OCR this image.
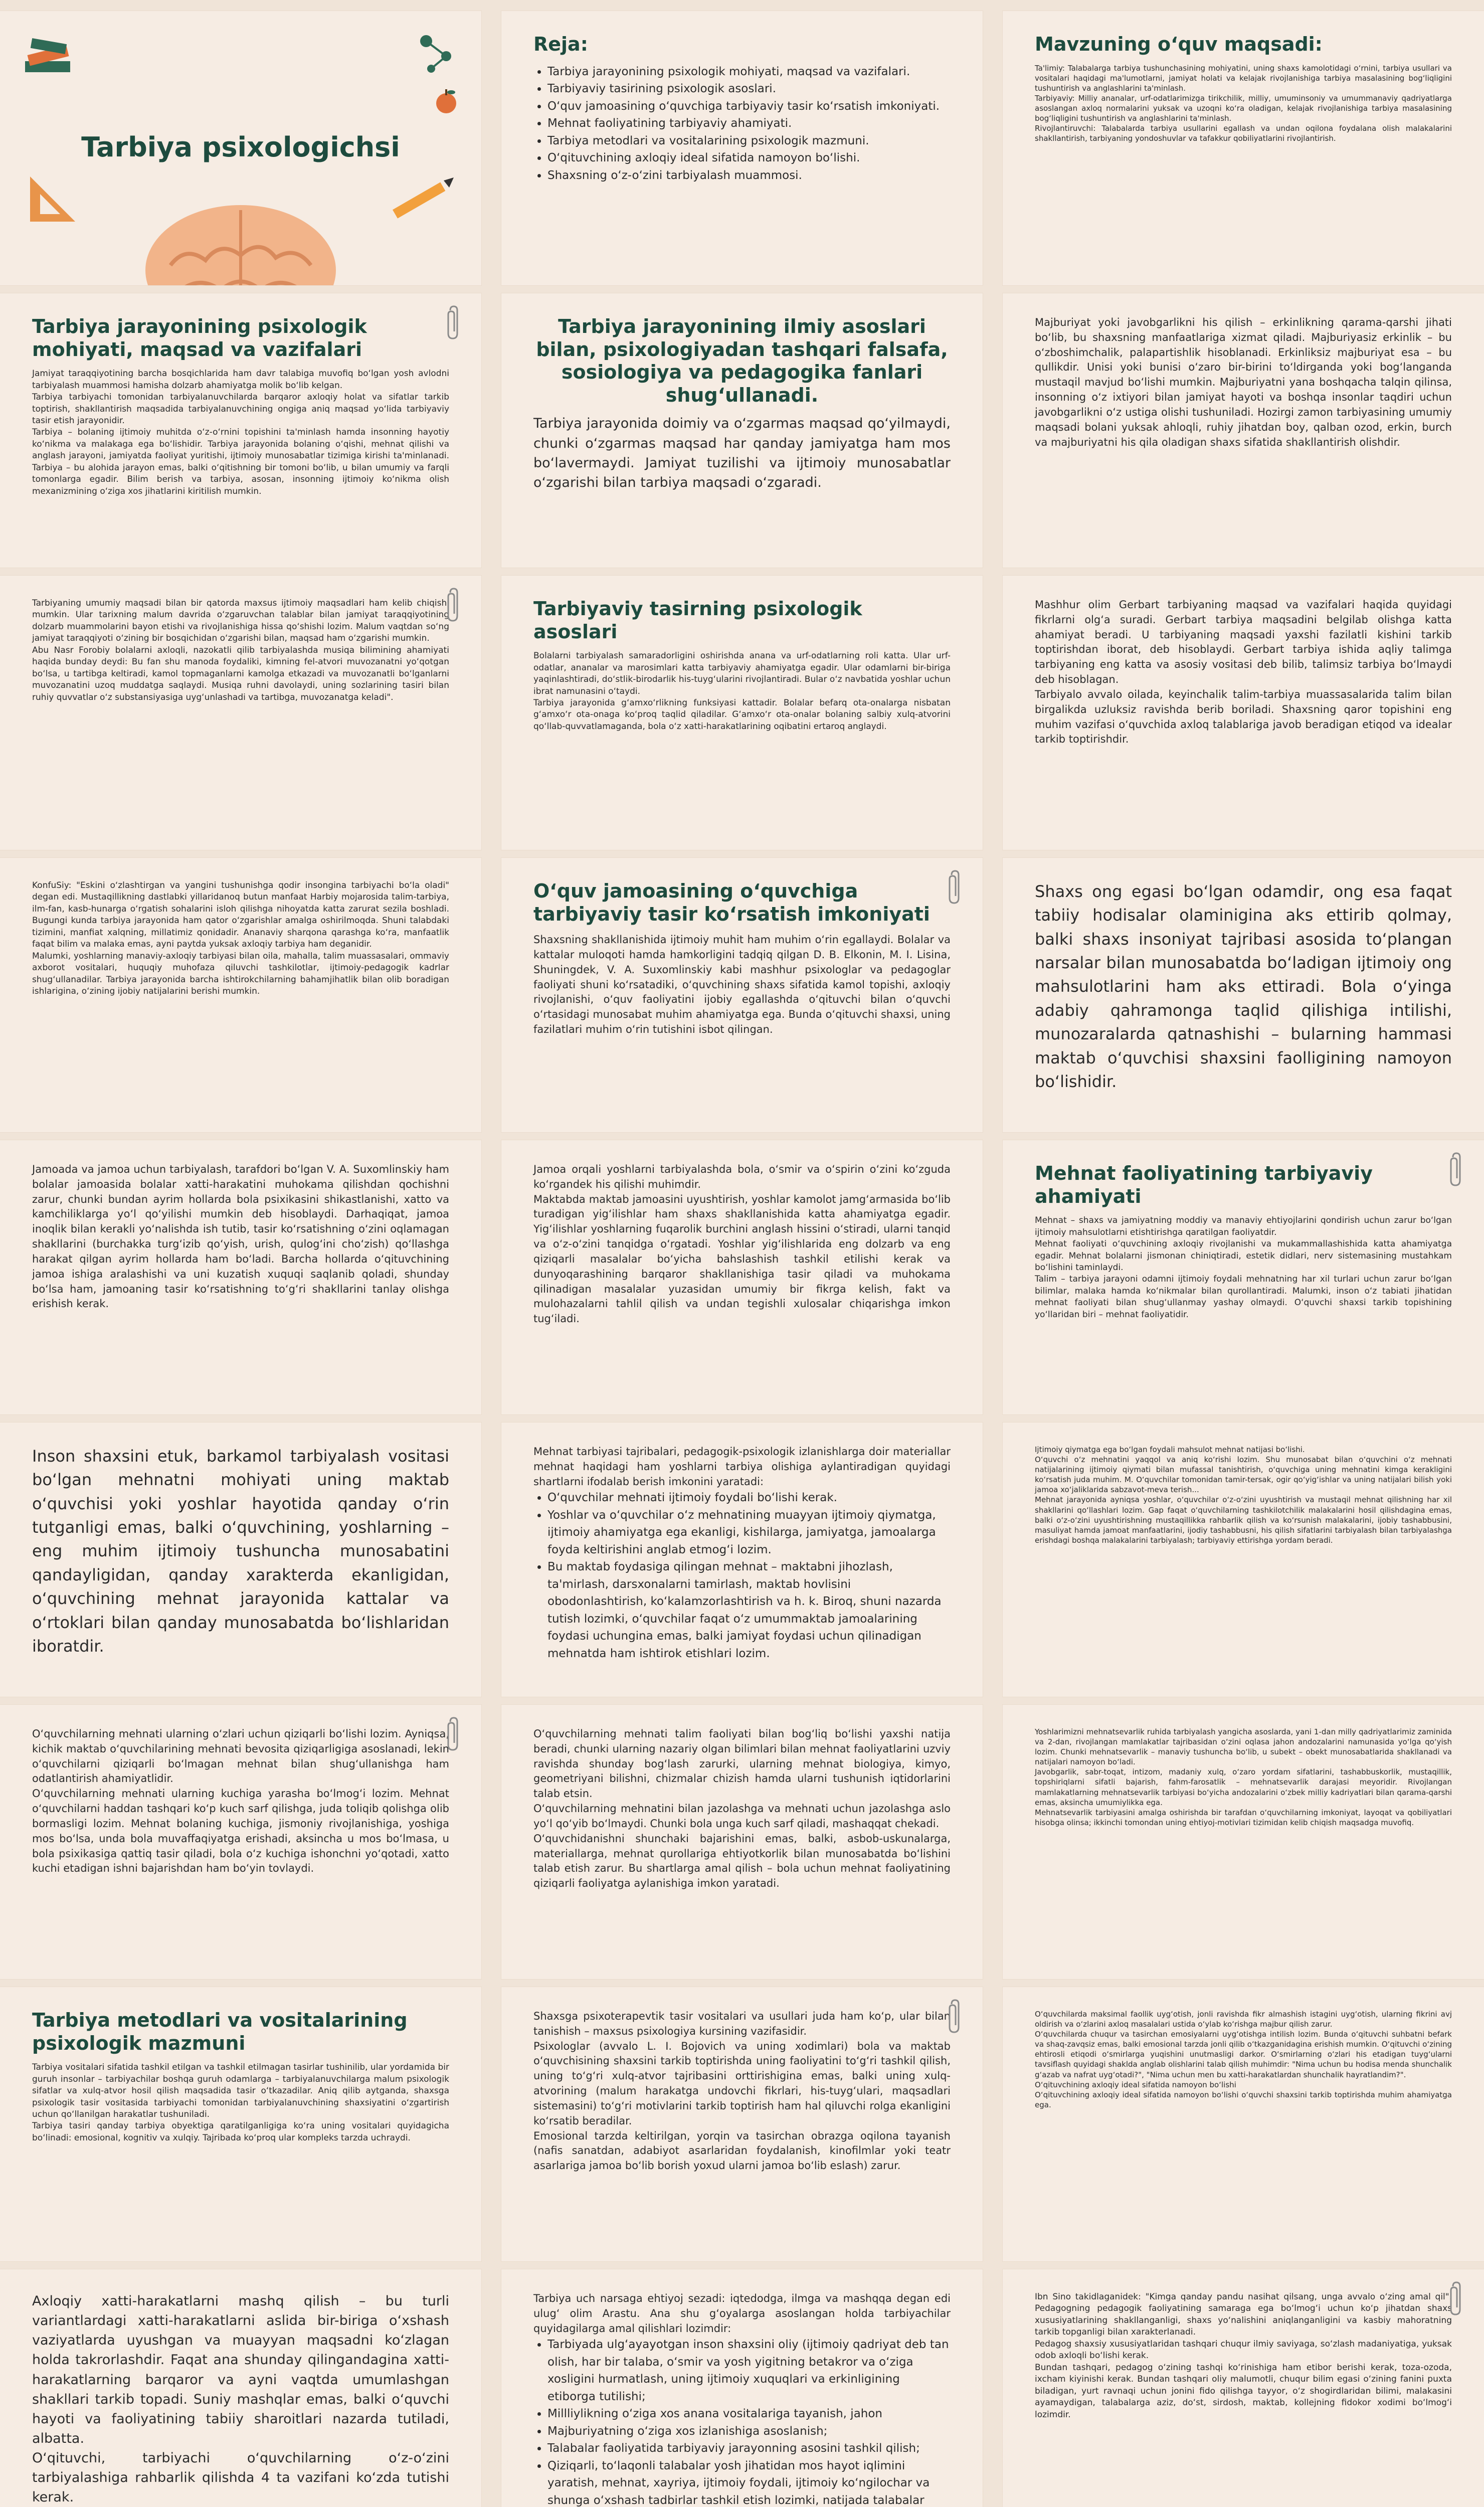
Tarbiya psixologichsi
Reja:
• Tarbiya jarayonining psixologik mohiyati, maqsad va vazifalari.
• Tarbiyaviy tasirining psixologik asoslari.
• O‘quv jamoasining o‘quvchiga tarbiyaviy tasir ko‘rsatish imkoniyati.
• Mehnat faoliyatining tarbiyaviy ahamiyati.
• Tarbiya metodlari va vositalarining psixologik mazmuni.
• O‘qituvchining axloqiy ideal sifatida namoyon bo‘lishi.
• Shaxsning o‘z-o‘zini tarbiyalash muammosi.
Mavzuning o‘quv maqsadi:
Ta'limiy: Talabalarga tarbiya tushunchasining mohiyatini, uning shaxs kamolotidagi o‘rnini, tarbiya usullari va vositalari haqidagi ma'lumotlarni, jamiyat holati va kelajak rivojlanishiga tarbiya masalasining bog‘liqligini tushuntirish va anglashlarini ta'minlash.
Tarbiyaviy: Milliy ananalar, urf-odatlarimizga tirikchilik, milliy, umuminsoniy va umummanaviy qadriyatlarga asoslangan axloq normalarini yuksak va uzoqni ko‘ra oladigan, kelajak rivojlanishiga tarbiya masalasining bog‘liqligini tushuntirish va anglashlarini ta'minlash.
Rivojlantiruvchi: Talabalarda tarbiya usullarini egallash va undan oqilona foydalana olish malakalarini shakllantirish, tarbiyaning yondoshuvlar va tafakkur qobiliyatlarini rivojlantirish.
Tarbiya jarayonining psixologik mohiyati, maqsad va vazifalari
Jamiyat taraqqiyotining barcha bosqichlarida ham davr talabiga muvofiq bo‘lgan yosh avlodni tarbiyalash muammosi hamisha dolzarb ahamiyatga molik bo‘lib kelgan.
Tarbiya tarbiyachi tomonidan tarbiyalanuvchilarda barqaror axloqiy holat va sifatlar tarkib toptirish, shakllantirish maqsadida tarbiyalanuvchining ongiga aniq maqsad yo‘lida tarbiyaviy tasir etish jarayonidir.
Tarbiya – bolaning ijtimoiy muhitda o‘z-o‘rnini topishini ta'minlash hamda insonning hayotiy ko‘nikma va malakaga ega bo‘lishidir. Tarbiya jarayonida bolaning o‘qishi, mehnat qilishi va anglash jarayoni, jamiyatda faoliyat yuritishi, ijtimoiy munosabatlar tizimiga kirishi ta'minlanadi. Tarbiya – bu alohida jarayon emas, balki o‘qitishning bir tomoni bo‘lib, u bilan umumiy va farqli tomonlarga egadir. Bilim berish va tarbiya, asosan, insonning ijtimoiy ko‘nikma olish mexanizmining o‘ziga xos jihatlarini kiritilish mumkin.
Tarbiya jarayonining ilmiy asoslari bilan, psixologiyadan tashqari falsafa, sosiologiya va pedagogika fanlari shug‘ullanadi.
Tarbiya jarayonida doimiy va o‘zgarmas maqsad qo‘yilmaydi, chunki o‘zgarmas maqsad har qanday jamiyatga ham mos bo‘lavermaydi. Jamiyat tuzilishi va ijtimoiy munosabatlar o‘zgarishi bilan tarbiya maqsadi o‘zgaradi.
Majburiyat yoki javobgarlikni his qilish – erkinlikning qarama-qarshi jihati bo‘lib, bu shaxsning manfaatlariga xizmat qiladi. Majburiyasiz erkinlik – bu o‘zboshimchalik, palapartishlik hisoblanadi. Erkinliksiz majburiyat esa – bu qullikdir. Unisi yoki bunisi o‘zaro bir-birini to‘ldirganda yoki bog‘langanda mustaqil mavjud bo‘lishi mumkin. Majburiyatni yana boshqacha talqin qilinsa, insonning o‘z ixtiyori bilan jamiyat hayoti va boshqa insonlar taqdiri uchun javobgarlikni o‘z ustiga olishi tushuniladi. Hozirgi zamon tarbiyasining umumiy maqsadi bolani yuksak ahloqli, ruhiy jihatdan boy, qalban ozod, erkin, burch va majburiyatni his qila oladigan shaxs sifatida shakllantirish olishdir.
Tarbiyaning umumiy maqsadi bilan bir qatorda maxsus ijtimoiy maqsadlari ham kelib chiqishi mumkin. Ular tarixning malum davrida o‘zgaruvchan talablar bilan jamiyat taraqqiyotining dolzarb muammolarini bayon etishi va rivojlanishiga hissa qo‘shishi lozim. Malum vaqtdan so‘ng jamiyat taraqqiyoti o‘zining bir bosqichidan o‘zgarishi bilan, maqsad ham o‘zgarishi mumkin.
Abu Nasr Forobiy bolalarni axloqli, nazokatli qilib tarbiyalashda musiqa bilimining ahamiyati haqida bunday deydi: Bu fan shu manoda foydaliki, kimning fel-atvori muvozanatni yo‘qotgan bo‘lsa, u tartibga keltiradi, kamol topmaganlarni kamolga etkazadi va muvozanatli bo‘lganlarni muvozanatini uzoq muddatga saqlaydi. Musiqa ruhni davolaydi, uning sozlarining tasiri bilan ruhiy quvvatlar o‘z substansiyasiga uyg‘unlashadi va tartibga, muvozanatga keladi".
Tarbiyaviy tasirning psixologik asoslari
Bolalarni tarbiyalash samaradorligini oshirishda anana va urf-odatlarning roli katta. Ular urf-odatlar, ananalar va marosimlari katta tarbiyaviy ahamiyatga egadir. Ular odamlarni bir-biriga yaqinlashtiradi, do‘stlik-birodarlik his-tuyg‘ularini rivojlantiradi. Bular o‘z navbatida yoshlar uchun ibrat namunasini o‘taydi.
Tarbiya jarayonida g‘amxo‘rlikning funksiyasi kattadir. Bolalar befarq ota-onalarga nisbatan g‘amxo‘r ota-onaga ko‘proq taqlid qiladilar. G‘amxo‘r ota-onalar bolaning salbiy xulq-atvorini qo‘llab-quvvatlamaganda, bola o‘z xatti-harakatlarining oqibatini ertaroq anglaydi.
Mashhur olim Gerbart tarbiyaning maqsad va vazifalari haqida quyidagi fikrlarni olg‘a suradi. Gerbart tarbiya maqsadini belgilab olishga katta ahamiyat beradi. U tarbiyaning maqsadi yaxshi fazilatli kishini tarkib toptirishdan iborat, deb hisoblaydi. Gerbart tarbiya ishida aqliy talimga tarbiyaning eng katta va asosiy vositasi deb bilib, talimsiz tarbiya bo‘lmaydi deb hisoblagan.
Tarbiyalo avvalo oilada, keyinchalik talim-tarbiya muassasalarida talim bilan birgalikda uzluksiz ravishda berib boriladi. Shaxsning qaror topishini eng muhim vazifasi o‘quvchida axloq talablariga javob beradigan etiqod va idealar tarkib toptirishdir.
KonfuSiy: "Eskini o‘zlashtirgan va yangini tushunishga qodir insongina tarbiyachi bo‘la oladi" degan edi. Mustaqillikning dastlabki yillaridanoq butun manfaat Harbiy mojarosida talim-tarbiya, ilm-fan, kasb-hunarga o‘rgatish sohalarini isloh qilishga nihoyatda katta zarurat sezila boshladi. Bugungi kunda tarbiya jarayonida ham qator o‘zgarishlar amalga oshirilmoqda. Shuni talabdaki tizimini, manfiat xalqning, millatimiz qonidadir. Ananaviy sharqona qarashga ko‘ra, manfaatlik faqat bilim va malaka emas, ayni paytda yuksak axloqiy tarbiya ham deganidir.
Malumki, yoshlarning manaviy-axloqiy tarbiyasi bilan oila, mahalla, talim muassasalari, ommaviy axborot vositalari, huquqiy muhofaza qiluvchi tashkilotlar, ijtimoiy-pedagogik kadrlar shug‘ullanadilar. Tarbiya jarayonida barcha ishtirokchilarning bahamjihatlik bilan olib boradigan ishlarigina, o‘zining ijobiy natijalarini berishi mumkin.
O‘quv jamoasining o‘quvchiga tarbiyaviy tasir ko‘rsatish imkoniyati
Shaxsning shakllanishida ijtimoiy muhit ham muhim o‘rin egallaydi. Bolalar va kattalar muloqoti hamda hamkorligini tadqiq qilgan D. B. Elkonin, M. I. Lisina, Shuningdek, V. A. Suxomlinskiy kabi mashhur psixologlar va pedagoglar faoliyati shuni ko‘rsatadiki, o‘quvchining shaxs sifatida kamol topishi, axloqiy rivojlanishi, o‘quv faoliyatini ijobiy egallashda o‘qituvchi bilan o‘quvchi o‘rtasidagi munosabat muhim ahamiyatga ega. Bunda o‘qituvchi shaxsi, uning fazilatlari muhim o‘rin tutishini isbot qilingan.
Shaxs ong egasi bo‘lgan odamdir, ong esa faqat tabiiy hodisalar olaminigina aks ettirib qolmay, balki shaxs insoniyat tajribasi asosida to‘plangan narsalar bilan munosabatda bo‘ladigan ijtimoiy ong mahsulotlarini ham aks ettiradi. Bola o‘yinga adabiy qahramonga taqlid qilishiga intilishi, munozaralarda qatnashishi – bularning hammasi maktab o‘quvchisi shaxsini faolligining namoyon bo‘lishidir.
Jamoada va jamoa uchun tarbiyalash, tarafdori bo‘lgan V. A. Suxomlinskiy ham bolalar jamoasida bolalar xatti-harakatini muhokama qilishdan qochishni zarur, chunki bundan ayrim hollarda bola psixikasini shikastlanishi, xatto va kamchiliklarga yo‘l qo‘yilishi mumkin deb hisoblaydi. Darhaqiqat, jamoa inoqlik bilan kerakli yo‘nalishda ish tutib, tasir ko‘rsatishning o‘zini oqlamagan shakllarini (burchakka turg‘izib qo‘yish, urish, qulog‘ini cho‘zish) qo‘llashga harakat qilgan ayrim hollarda ham bo‘ladi. Barcha hollarda o‘qituvchining jamoa ishiga aralashishi va uni kuzatish xuquqi saqlanib qoladi, shunday bo‘lsa ham, jamoaning tasir ko‘rsatishning to‘g‘ri shakllarini tanlay olishga erishish kerak.
Jamoa orqali yoshlarni tarbiyalashda bola, o‘smir va o‘spirin o‘zini ko‘zguda ko‘rgandek his qilishi muhimdir.
Maktabda maktab jamoasini uyushtirish, yoshlar kamolot jamg‘armasida bo‘lib turadigan yig‘ilishlar ham shaxs shakllanishida katta ahamiyatga egadir. Yig‘ilishlar yoshlarning fuqarolik burchini anglash hissini o‘stiradi, ularni tanqid va o‘z-o‘zini tanqidga o‘rgatadi. Yoshlar yig‘ilishlarida eng dolzarb va eng qiziqarli masalalar bo‘yicha bahslashish tashkil etilishi kerak va dunyoqarashining barqaror shakllanishiga tasir qiladi va muhokama qilinadigan masalalar yuzasidan umumiy bir fikrga kelish, fakt va mulohazalarni tahlil qilish va undan tegishli xulosalar chiqarishga imkon tug‘iladi.
Mehnat faoliyatining tarbiyaviy ahamiyati
Mehnat – shaxs va jamiyatning moddiy va manaviy ehtiyojlarini qondirish uchun zarur bo‘lgan ijtimoiy mahsulotlarni etishtirishga qaratilgan faoliyatdir.
Mehnat faoliyati o‘quvchining axloqiy rivojlanishi va mukammallashishida katta ahamiyatga egadir. Mehnat bolalarni jismonan chiniqtiradi, estetik didlari, nerv sistemasining mustahkam bo‘lishini taminlaydi.
Talim – tarbiya jarayoni odamni ijtimoiy foydali mehnatning har xil turlari uchun zarur bo‘lgan bilimlar, malaka hamda ko‘nikmalar bilan qurollantiradi. Malumki, inson o‘z tabiati jihatidan mehnat faoliyati bilan shug‘ullanmay yashay olmaydi. O‘quvchi shaxsi tarkib topishining yo‘llaridan biri – mehnat faoliyatidir.
Inson shaxsini etuk, barkamol tarbiyalash vositasi bo‘lgan mehnatni mohiyati uning maktab o‘quvchisi yoki yoshlar hayotida qanday o‘rin tutganligi emas, balki o‘quvchining, yoshlarning – eng muhim ijtimoiy tushuncha munosabatini qandayligidan, qanday xarakterda ekanligidan, o‘quvchining mehnat jarayonida kattalar va o‘rtoklari bilan qanday munosabatda bo‘lishlaridan iboratdir.
Mehnat tarbiyasi tajribalari, pedagogik-psixologik izlanishlarga doir materiallar mehnat haqidagi ham yoshlarni tarbiya olishiga aylantiradigan quyidagi shartlarni ifodalab berish imkonini yaratadi:
• O‘quvchilar mehnati ijtimoiy foydali bo‘lishi kerak.
• Yoshlar va o‘quvchilar o‘z mehnatining muayyan ijtimoiy qiymatga, ijtimoiy ahamiyatga ega ekanligi, kishilarga, jamiyatga, jamoalarga foyda keltirishini anglab etmog‘i lozim.
• Bu maktab foydasiga qilingan mehnat – maktabni jihozlash, ta'mirlash, darsxonalarni tamirlash, maktab hovlisini obodonlashtirish, ko‘kalamzorlashtirish va h. k. Biroq, shuni nazarda tutish lozimki, o‘quvchilar faqat o‘z umummaktab jamoalarining foydasi uchungina emas, balki jamiyat foydasi uchun qilinadigan mehnatda ham ishtirok etishlari lozim.
Ijtimoiy qiymatga ega bo‘lgan foydali mahsulot mehnat natijasi bo‘lishi.
O‘quvchi o‘z mehnatini yaqqol va aniq ko‘rishi lozim. Shu munosabat bilan o‘quvchini o‘z mehnati natijalarining ijtimoiy qiymati bilan mufassal tanishtirish, o‘quvchiga uning mehnatini kimga kerakligini ko‘rsatish juda muhim. M. O‘quvchilar tomonidan tamir-tersak, ogir qo‘yig‘ishlar va uning natijalari bilish yoki jamoa xo‘jaliklarida sabzavot-meva terish...
Mehnat jarayonida ayniqsa yoshlar, o‘quvchilar o‘z-o‘zini uyushtirish va mustaqil mehnat qilishning har xil shakllarini qo‘llashlari lozim. Gap faqat o‘quvchilarning tashkilotchilik malakalarini hosil qilishdagina emas, balki o‘z-o‘zini uyushtirishning mustaqillikka rahbarlik qilish va ko‘rsunish malakalarini, ijobiy tashabbusini, masuliyat hamda jamoat manfaatlarini, ijodiy tashabbusni, his qilish sifatlarini tarbiyalash bilan tarbiyalashga erishdagi boshqa malakalarini tarbiyalash; tarbiyaviy ettirishga yordam beradi.
O‘quvchilarning mehnati ularning o‘zlari uchun qiziqarli bo‘lishi lozim. Ayniqsa, kichik maktab o‘quvchilarining mehnati bevosita qiziqarligiga asoslanadi, lekin o‘quvchilarni qiziqarli bo‘lmagan mehnat bilan shug‘ullanishga ham odatlantirish ahamiyatlidir.
O‘quvchilarning mehnati ularning kuchiga yarasha bo‘lmog‘i lozim. Mehnat o‘quvchilarni haddan tashqari ko‘p kuch sarf qilishga, juda toliqib qolishga olib bormasligi lozim. Mehnat bolaning kuchiga, jismoniy rivojlanishiga, yoshiga mos bo‘lsa, unda bola muvaffaqiyatga erishadi, aksincha u mos bo‘lmasa, u bola psixikasiga qattiq tasir qiladi, bola o‘z kuchiga ishonchni yo‘qotadi, xatto kuchi etadigan ishni bajarishdan ham bo‘yin tovlaydi.
O‘quvchilarning mehnati talim faoliyati bilan bog‘liq bo‘lishi yaxshi natija beradi, chunki ularning nazariy olgan bilimlari bilan mehnat faoliyatlarini uzviy ravishda shunday bog‘lash zarurki, ularning mehnat biologiya, kimyo, geometriyani bilishni, chizmalar chizish hamda ularni tushunish iqtidorlarini talab etsin.
O‘quvchilarning mehnatini bilan jazolashga va mehnati uchun jazolashga aslo yo‘l qo‘yib bo‘lmaydi. Chunki bola unga kuch sarf qiladi, mashaqqat chekadi.
O‘quvchidanishni shunchaki bajarishini emas, balki, asbob-uskunalarga, materiallarga, mehnat qurollariga ehtiyotkorlik bilan munosabatda bo‘lishini talab etish zarur. Bu shartlarga amal qilish – bola uchun mehnat faoliyatining qiziqarli faoliyatga aylanishiga imkon yaratadi.
Yoshlarimizni mehnatsevarlik ruhida tarbiyalash yangicha asoslarda, yani 1-dan milly qadriyatlarimiz zaminida va 2-dan, rivojlangan mamlakatlar tajribasidan o‘zini oqlasa jahon andozalarini namunasida yo‘lga qo‘yish lozim. Chunki mehnatsevarlik – manaviy tushuncha bo‘lib, u subekt – obekt munosabatlarida shakllanadi va natijalari namoyon bo‘ladi.
Javobgarlik, sabr-toqat, intizom, madaniy xulq, o‘zaro yordam sifatlarini, tashabbuskorlik, mustaqillik, topshiriqlarni sifatli bajarish, fahm-farosatlik – mehnatsevarlik darajasi meyoridir. Rivojlangan mamlakatlarning mehnatsevarlik tarbiyasi bo‘yicha andozalarini o‘zbek milliy kadriyatlari bilan qarama-qarshi emas, aksincha umumiylikka ega.
Mehnatsevarlik tarbiyasini amalga oshirishda bir tarafdan o‘quvchilarning imkoniyat, layoqat va qobiliyatlari hisobga olinsa; ikkinchi tomondan uning ehtiyoj-motivlari tizimidan kelib chiqish maqsadga muvofiq.
Tarbiya metodlari va vositalarining psixologik mazmuni
Tarbiya vositalari sifatida tashkil etilgan va tashkil etilmagan tasirlar tushinilib, ular yordamida bir guruh insonlar – tarbiyachilar boshqa guruh odamlarga – tarbiyalanuvchilarga malum psixologik sifatlar va xulq-atvor hosil qilish maqsadida tasir o‘tkazadilar. Aniq qilib aytganda, shaxsga psixologik tasir vositasida tarbiyachi tomonidan tarbiyalanuvchining shaxsiyatini o‘zgartirish uchun qo‘llanilgan harakatlar tushuniladi.
Tarbiya tasiri qanday tarbiya obyektiga qaratilganligiga ko‘ra uning vositalari quyidagicha bo‘linadi: emosional, kognitiv va xulqiy. Tajribada ko‘proq ular kompleks tarzda uchraydi.
Shaxsga psixoterapevtik tasir vositalari va usullari juda ham ko‘p, ular bilan tanishish – maxsus psixologiya kursining vazifasidir.
Psixologlar (avvalo L. I. Bojovich va uning xodimlari) bola va maktab o‘quvchisining shaxsini tarkib toptirishda uning faoliyatini to‘g‘ri tashkil qilish, uning to‘g‘ri xulq-atvor tajribasini orttirishigina emas, balki uning xulq-atvorining (malum harakatga undovchi fikrlari, his-tuyg‘ulari, maqsadlari sistemasini) to‘g‘ri motivlarini tarkib toptirish ham hal qiluvchi rolga ekanligini ko‘rsatib beradilar.
Emosional tarzda keltirilgan, yorqin va tasirchan obrazga oqilona tayanish (nafis sanatdan, adabiyot asarlaridan foydalanish, kinofilmlar yoki teatr asarlariga jamoa bo‘lib borish yoxud ularni jamoa bo‘lib eslash) zarur.
O‘quvchilarda maksimal faollik uyg‘otish, jonli ravishda fikr almashish istagini uyg‘otish, ularning fikrini avj oldirish va o‘zlarini axloq masalalari ustida o‘ylab ko‘rishga majbur qilish zarur.
O‘quvchilarda chuqur va tasirchan emosiyalarni uyg‘otishga intilish lozim. Bunda o‘qituvchi suhbatni befark va shaq-zavqsiz emas, balki emosional tarzda jonli qilib o‘tkazganidagina erishish mumkin. O‘qituvchi o‘zining ehtirosli etiqodi o‘smirlarga yuqishini unutmasligi darkor. O‘smirlarning o‘zlari his etadigan tuyg‘ularni tavsiflash quyidagi shaklda anglab olishlarini talab qilish muhimdir: "Nima uchun bu hodisa menda shunchalik g‘azab va nafrat uyg‘otadi?", "Nima uchun men bu xatti-harakatlardan shunchalik hayratlandim?".
O‘qituvchining axloqiy ideal sifatida namoyon bo‘lishi
O‘qituvchining axloqiy ideal sifatida namoyon bo‘lishi o‘quvchi shaxsini tarkib toptirishda muhim ahamiyatga ega.
Axloqiy xatti-harakatlarni mashq qilish – bu turli variantlardagi xatti-harakatlarni aslida bir-biriga o‘xshash vaziyatlarda uyushgan va muayyan maqsadni ko‘zlagan holda takrorlashdir. Faqat ana shunday qilingandagina xatti-harakatlarning barqaror va ayni vaqtda umumlashgan shakllari tarkib topadi. Suniy mashqlar emas, balki o‘quvchi hayoti va faoliyatining tabiiy sharoitlari nazarda tutiladi, albatta.
O‘qituvchi, tarbiyachi o‘quvchilarning o‘z-o‘zini tarbiyalashiga rahbarlik qilishda 4 ta vazifani ko‘zda tutishi kerak.
Tarbiya uch narsaga ehtiyoj sezadi: iqtedodga, ilmga va mashqqa degan edi ulug‘ olim Arastu. Ana shu g‘oyalarga asoslangan holda tarbiyachilar quyidagilarga amal qilishlari lozimdir:
• Tarbiyada ulg‘ayayotgan inson shaxsini oliy (ijtimoiy qadriyat deb tan olish, har bir talaba, o‘smir va yosh yigitning betakror va o‘ziga xosligini hurmatlash, uning ijtimoiy xuquqlari va erkinligining etiborga tutilishi;
• Millliylikning o‘ziga xos anana vositalariga tayanish, jahon
• Majburiyatning o‘ziga xos izlanishiga asoslanish;
• Talabalar faoliyatida tarbiyaviy jarayonning asosini tashkil qilish;
• Qiziqarli, to‘laqonli talabalar yosh jihatidan mos hayot iqlimini yaratish, mehnat, xayriya, ijtimoiy foydali, ijtimoiy ko‘ngilochar va shunga o‘xshash tadbirlar tashkil etish lozimki, natijada talabalar
Ibn Sino takidlaganidek: "Kimga qanday pandu nasihat qilsang, unga avvalo o‘zing amal qil". Pedagogning pedagogik faoliyatining samaraga ega bo‘lmog‘i uchun ko‘p jihatdan shaxs xususiyatlarining shakllanganligi, shaxs yo‘nalishini aniqlanganligini va kasbiy mahoratning tarkib topganligi bilan xarakterlanadi.
Pedagog shaxsiy xususiyatlaridan tashqari chuqur ilmiy saviyaga, so‘zlash madaniyatiga, yuksak odob axloqli bo‘lishi kerak.
Bundan tashqari, pedagog o‘zining tashqi ko‘rinishiga ham etibor berishi kerak, toza-ozoda, ixcham kiyinishi kerak. Bundan tashqari oliy malumotli, chuqur bilim egasi o‘zining fanini puxta biladigan, yurt ravnaqi uchun jonini fido qilishga tayyor, o‘z shogirdlaridan bilimi, malakasini ayamaydigan, talabalarga aziz, do‘st, sirdosh, maktab, kollejning fidokor xodimi bo‘lmog‘i lozimdir.
